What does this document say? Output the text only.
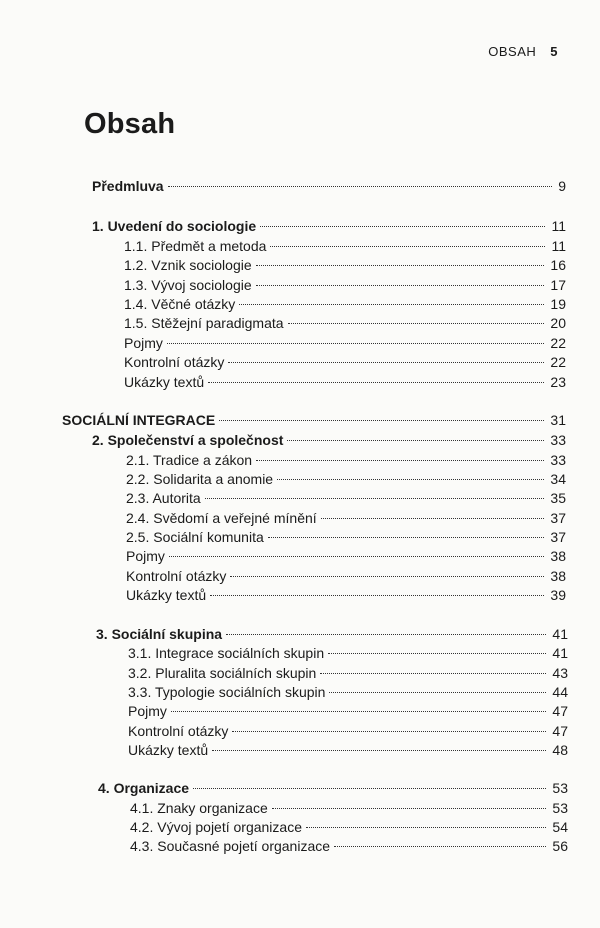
OBSAH 5
Obsah
Předmluva	9
1. Uvedení do sociologie	11
1.1. Předmět a metoda	11
1.2. Vznik sociologie	16
1.3. Vývoj sociologie	17
1.4. Věčné otázky	19
1.5. Stěžejní paradigmata	20
Pojmy	22
Kontrolní otázky	22
Ukázky textů	23
SOCIÁLNÍ INTEGRACE	31
2. Společenství a společnost	33
2.1. Tradice a zákon	33
2.2. Solidarita a anomie	34
2.3. Autorita	35
2.4. Svědomí a veřejné mínění	37
2.5. Sociální komunita	37
Pojmy	38
Kontrolní otázky	38
Ukázky textů	39
3. Sociální skupina	41
3.1. Integrace sociálních skupin	41
3.2. Pluralita sociálních skupin	43
3.3. Typologie sociálních skupin	44
Pojmy	47
Kontrolní otázky	47
Ukázky textů	48
4. Organizace	53
4.1. Znaky organizace	53
4.2. Vývoj pojetí organizace	54
4.3. Současné pojetí organizace	56
